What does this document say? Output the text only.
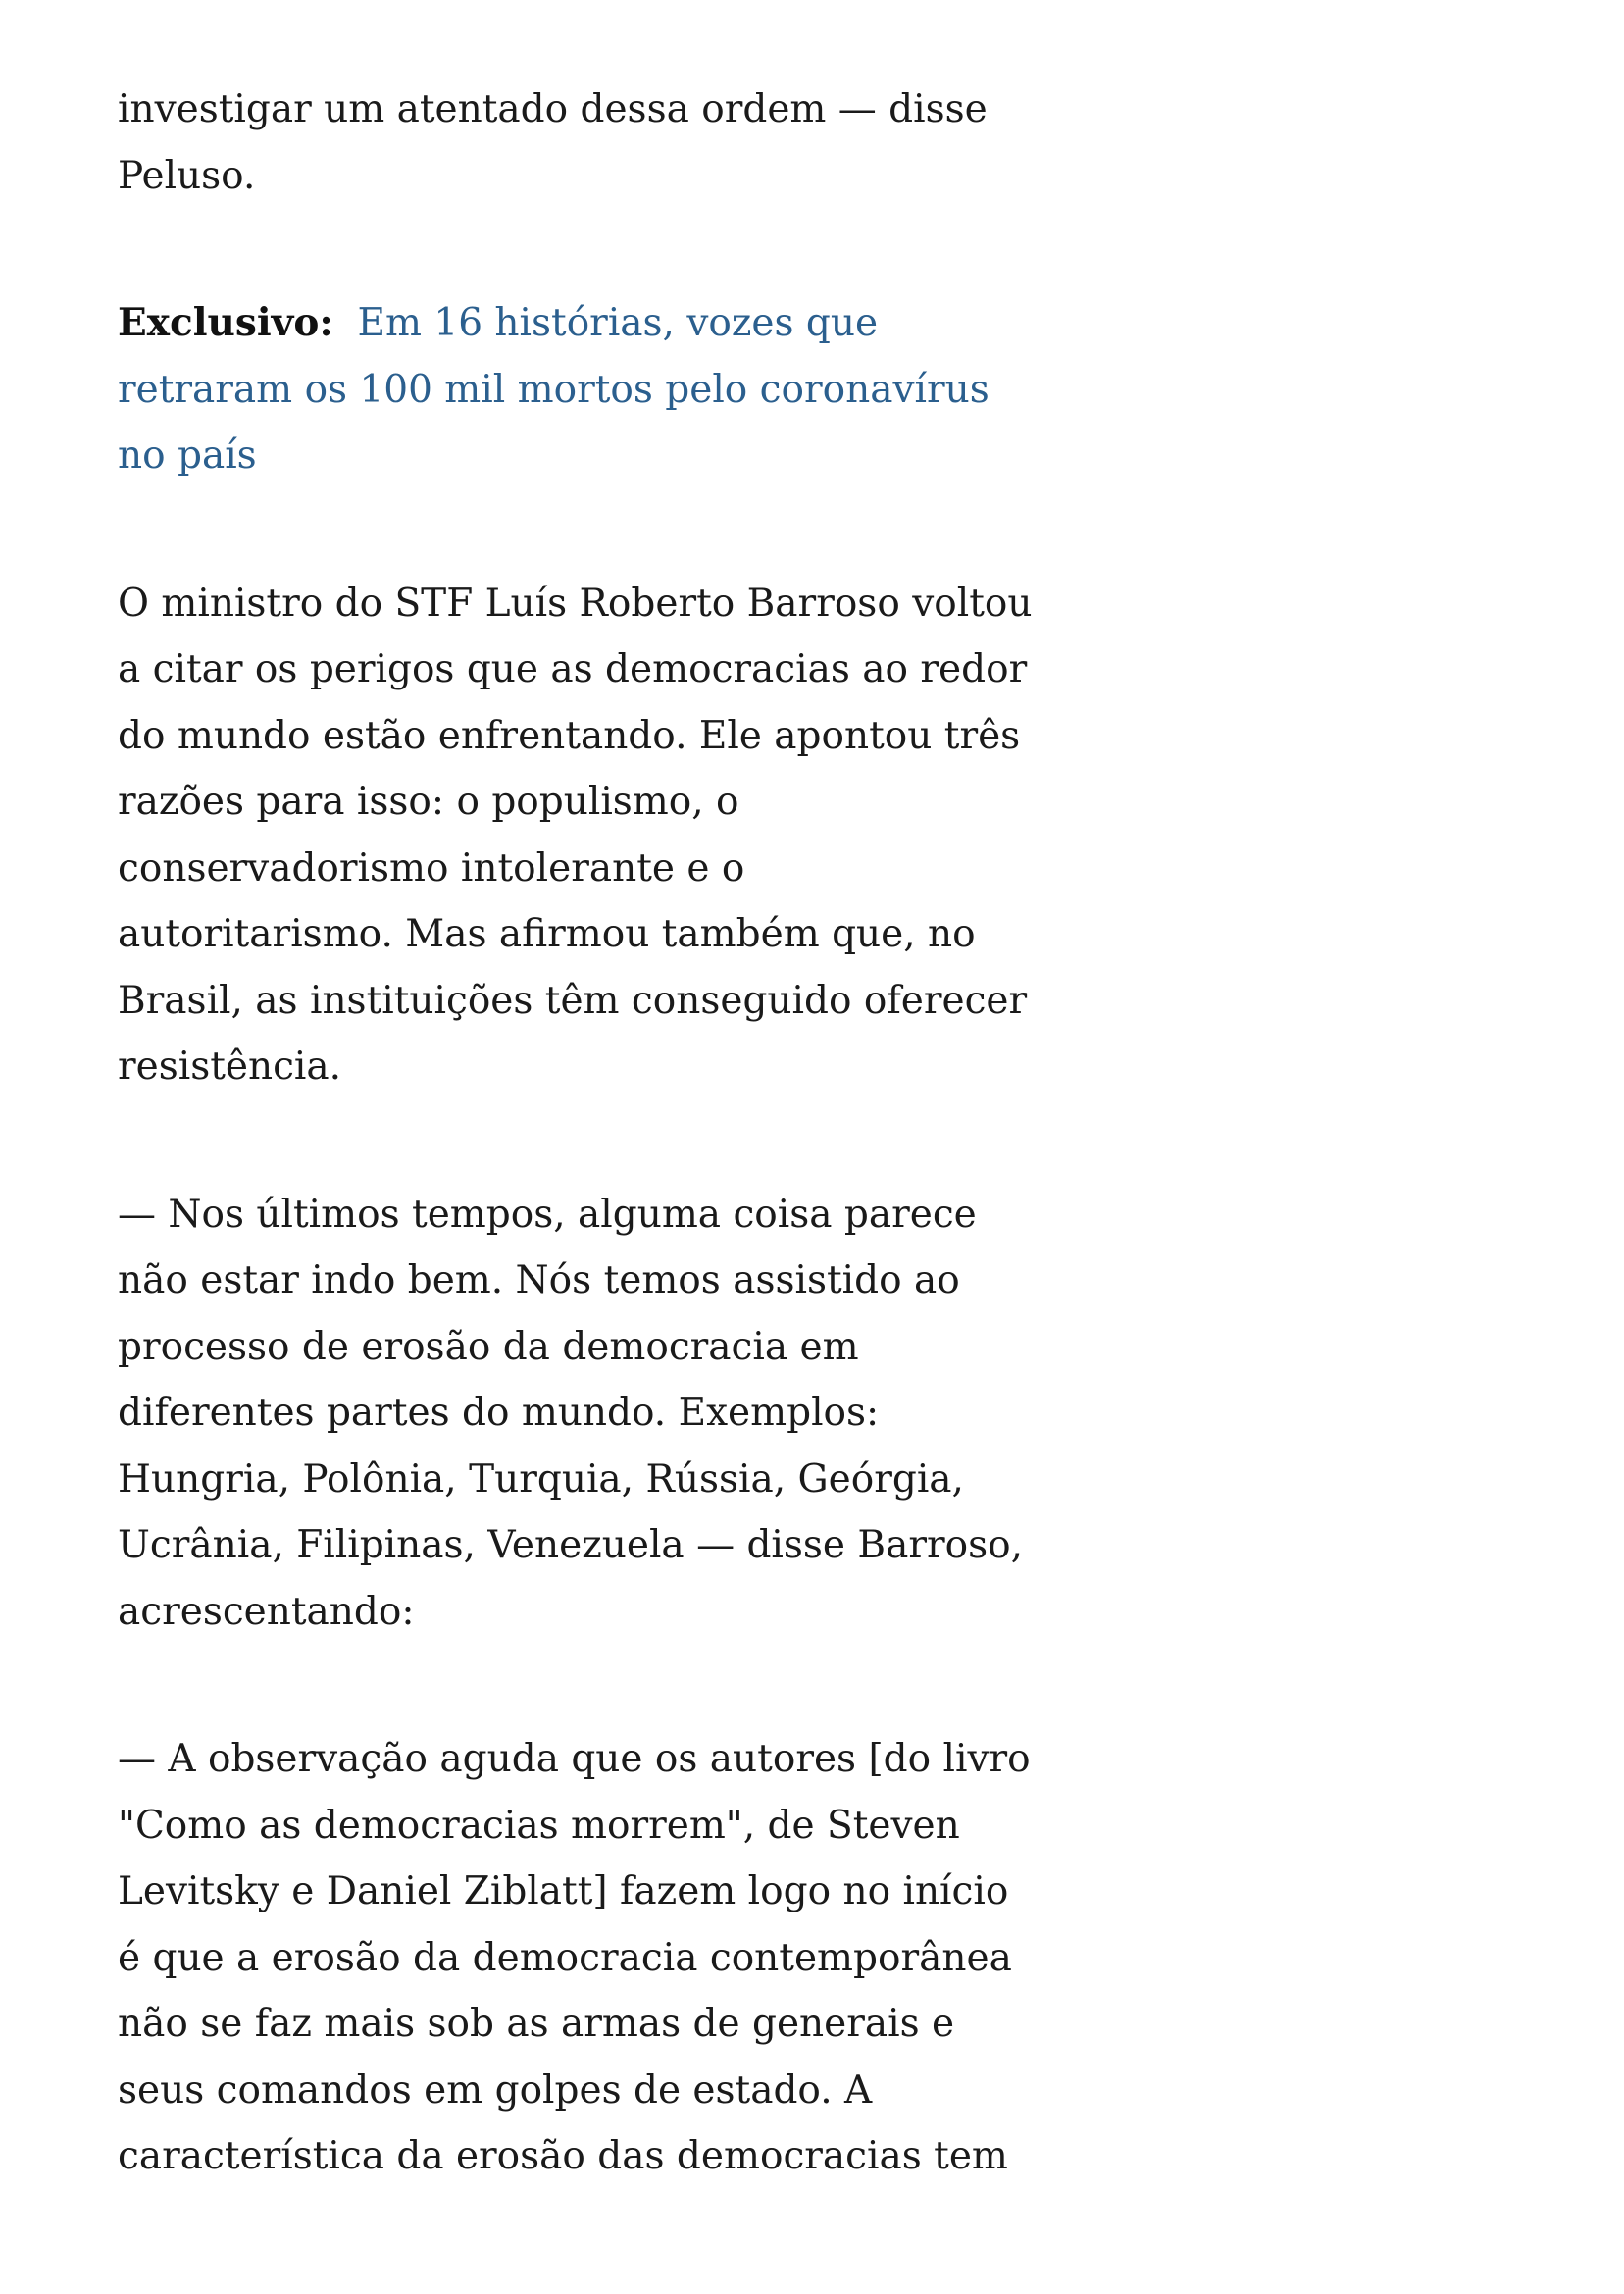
investigar um atentado dessa ordem — disse
Peluso.

Exclusivo: Em 16 histórias, vozes que
retraram os 100 mil mortos pelo coronavírus
no país

O ministro do STF Luís Roberto Barroso voltou
a citar os perigos que as democracias ao redor
do mundo estão enfrentando. Ele apontou três
razões para isso: o populismo, o
conservadorismo intolerante e o
autoritarismo. Mas afirmou também que, no
Brasil, as instituições têm conseguido oferecer
resistência.

— Nos últimos tempos, alguma coisa parece
não estar indo bem. Nós temos assistido ao
processo de erosão da democracia em
diferentes partes do mundo. Exemplos:
Hungria, Polônia, Turquia, Rússia, Geórgia,
Ucrânia, Filipinas, Venezuela — disse Barroso,
acrescentando:

— A observação aguda que os autores [do livro
"Como as democracias morrem", de Steven
Levitsky e Daniel Ziblatt] fazem logo no início
é que a erosão da democracia contemporânea
não se faz mais sob as armas de generais e
seus comandos em golpes de estado. A
característica da erosão das democracias tem
